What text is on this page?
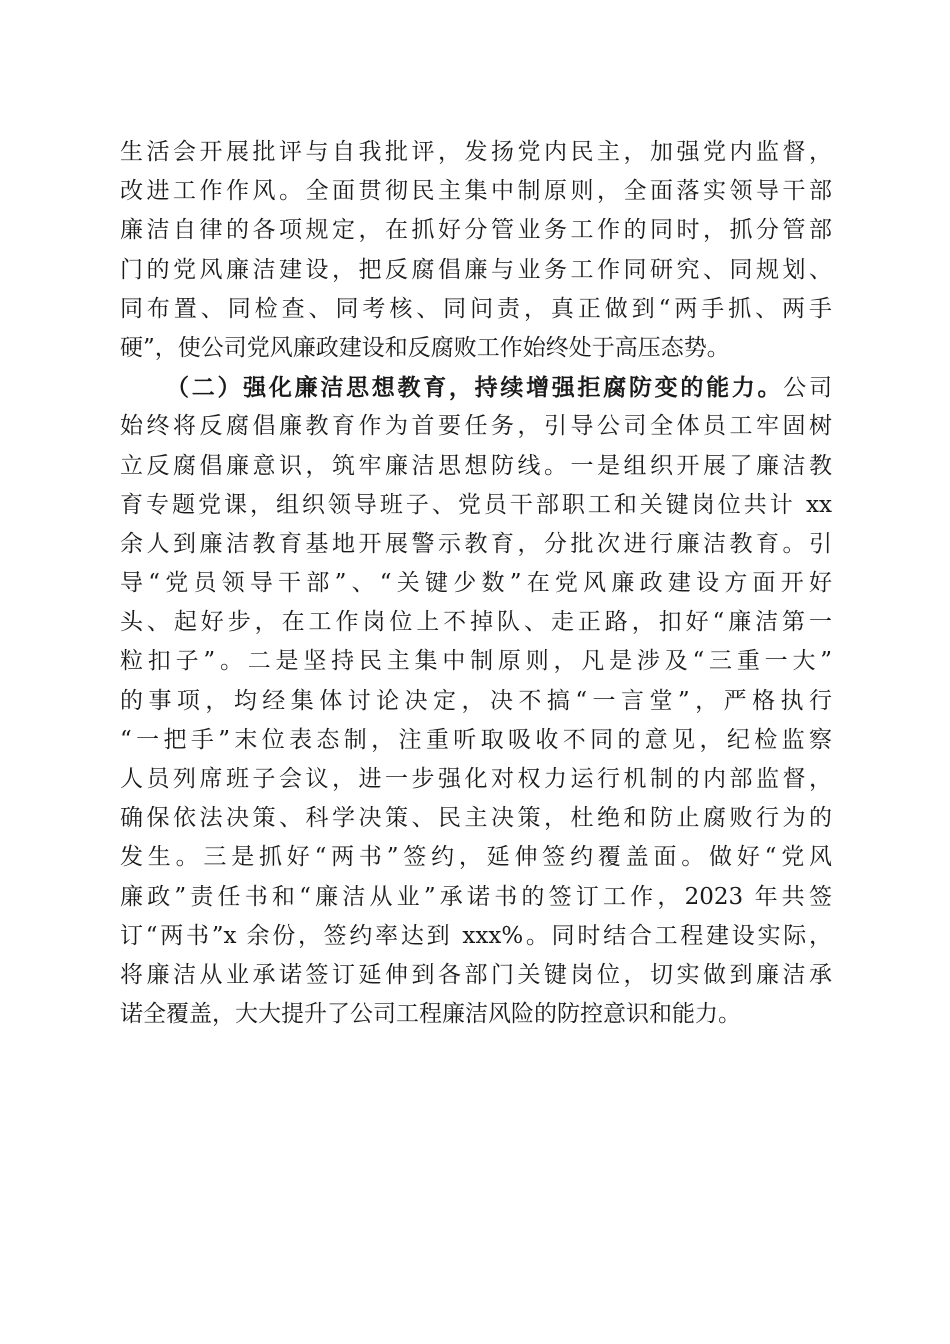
生活会开展批评与自我批评，发扬党内民主，加强党内监督，
改进工作作风。全面贯彻民主集中制原则，全面落实领导干部
廉洁自律的各项规定，在抓好分管业务工作的同时，抓分管部
门的党风廉洁建设，把反腐倡廉与业务工作同研究、同规划、
同布置、同检查、同考核、同问责，真正做到“两手抓、两手
硬”，使公司党风廉政建设和反腐败工作始终处于高压态势。
（二）强化廉洁思想教育，持续增强拒腐防变的能力。公司
始终将反腐倡廉教育作为首要任务，引导公司全体员工牢固树
立反腐倡廉意识，筑牢廉洁思想防线。一是组织开展了廉洁教
育专题党课，组织领导班子、党员干部职工和关键岗位共计 xx
余人到廉洁教育基地开展警示教育，分批次进行廉洁教育。引
导“党员领导干部”、“关键少数”在党风廉政建设方面开好
头、起好步，在工作岗位上不掉队、走正路，扣好“廉洁第一
粒扣子”。二是坚持民主集中制原则，凡是涉及“三重一大”
的事项，均经集体讨论决定，决不搞“一言堂”，严格执行
“一把手”末位表态制，注重听取吸收不同的意见，纪检监察
人员列席班子会议，进一步强化对权力运行机制的内部监督，
确保依法决策、科学决策、民主决策，杜绝和防止腐败行为的
发生。三是抓好“两书”签约，延伸签约覆盖面。做好“党风
廉政”责任书和“廉洁从业”承诺书的签订工作，2023 年共签
订“两书”x 余份，签约率达到 xxx%。同时结合工程建设实际，
将廉洁从业承诺签订延伸到各部门关键岗位，切实做到廉洁承
诺全覆盖，大大提升了公司工程廉洁风险的防控意识和能力。
